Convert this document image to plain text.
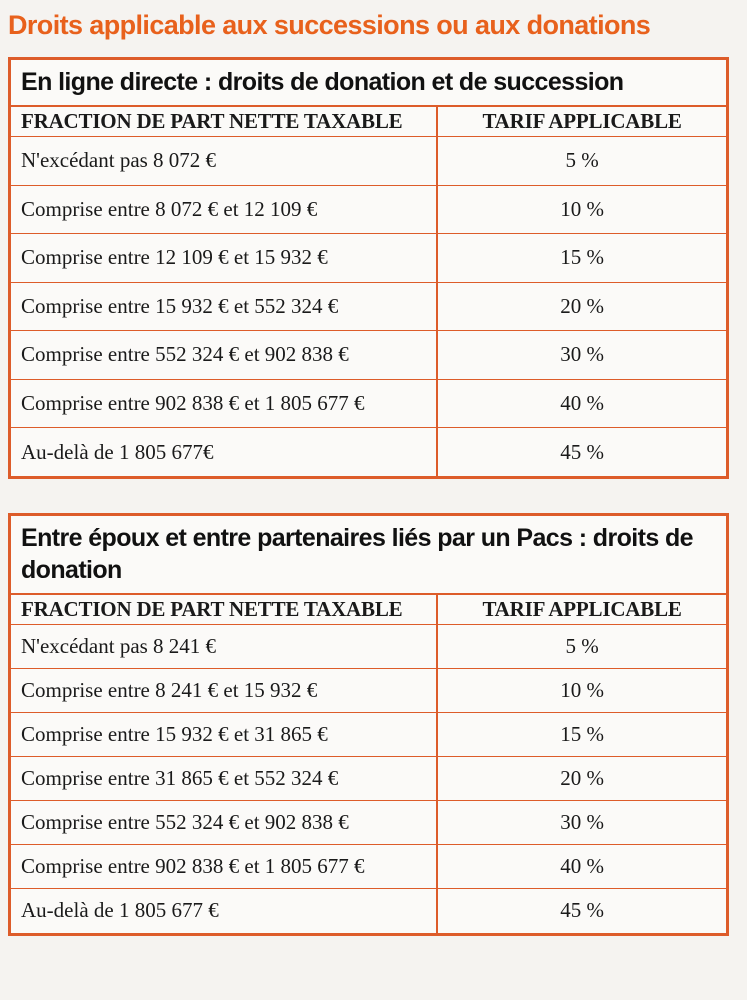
Droits applicable aux successions ou aux donations
En ligne directe : droits de donation et de succession
FRACTION DE PART NETTE TAXABLE	TARIF APPLICABLE
N'excédant pas 8 072 €	5 %
Comprise entre 8 072 € et 12 109 €	10 %
Comprise entre 12 109 € et 15 932 €	15 %
Comprise entre 15 932 € et 552 324 €	20 %
Comprise entre 552 324 € et 902 838 €	30 %
Comprise entre 902 838 € et 1 805 677 €	40 %
Au-delà de 1 805 677€	45 %
Entre époux et entre partenaires liés par un Pacs : droits de donation
FRACTION DE PART NETTE TAXABLE	TARIF APPLICABLE
N'excédant pas 8 241 €	5 %
Comprise entre 8 241 € et 15 932 €	10 %
Comprise entre 15 932 € et 31 865 €	15 %
Comprise entre 31 865 € et 552 324 €	20 %
Comprise entre 552 324 € et 902 838 €	30 %
Comprise entre 902 838 € et 1 805 677 €	40 %
Au-delà de 1 805 677 €	45 %
